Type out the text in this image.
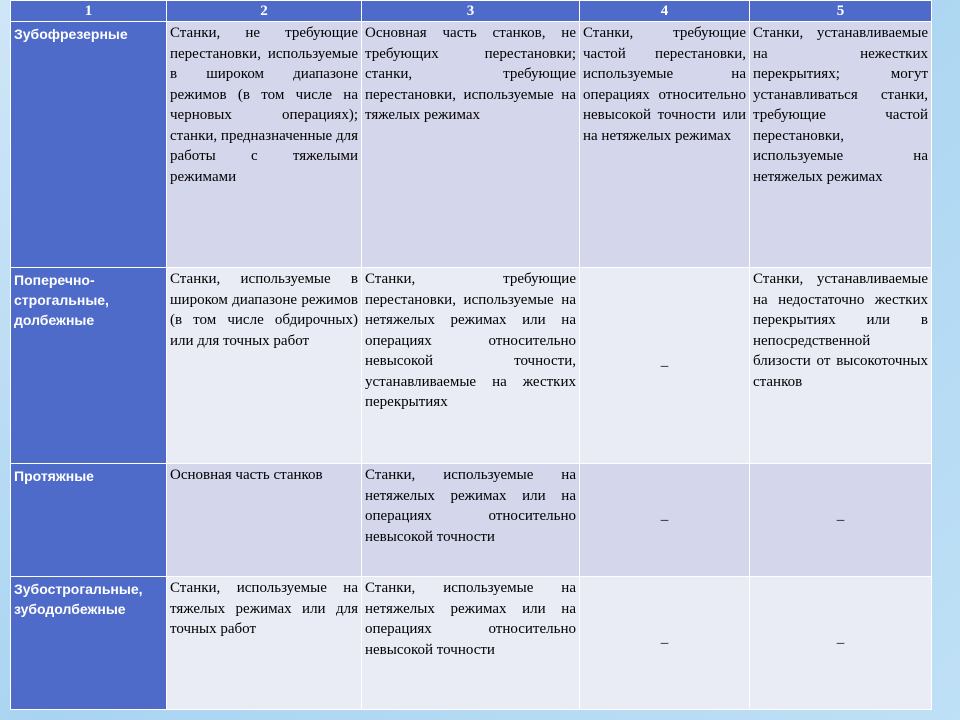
1	2	3	4	5
Зубофрезерные	Станки, не требующие перестановки, используемые в широком диапазоне режимов (в том числе на черновых операциях); станки, предназначенные для работы с тяжелыми режимами	Основная часть станков, не требующих перестановки; станки, требующие перестановки, используемые на тяжелых режимах	Станки, требующие частой перестановки, используемые на операциях относительно невысокой точности или на нетяжелых режимах	Станки, устанавливаемые на нежестких перекрытиях; могут устанавливаться станки, требующие частой перестановки, используемые на нетяжелых режимах
Поперечно-строгальные, долбежные	Станки, используемые в широком диапазоне режимов (в том числе обдирочных) или для точных работ	Станки, требующие перестановки, используемые на нетяжелых режимах или на операциях относительно невысокой точности, устанавливаемые на жестких перекрытиях	–	Станки, устанавливаемые на недостаточно жестких перекрытиях или в непосредственной близости от высокоточных станков
Протяжные	Основная часть станков	Станки, используемые на нетяжелых режимах или на операциях относительно невысокой точности	–	–
Зубострогальные, зубодолбежные	Станки, используемые на тяжелых режимах или для точных работ	Станки, используемые на нетяжелых режимах или на операциях относительно невысокой точности	–	–
